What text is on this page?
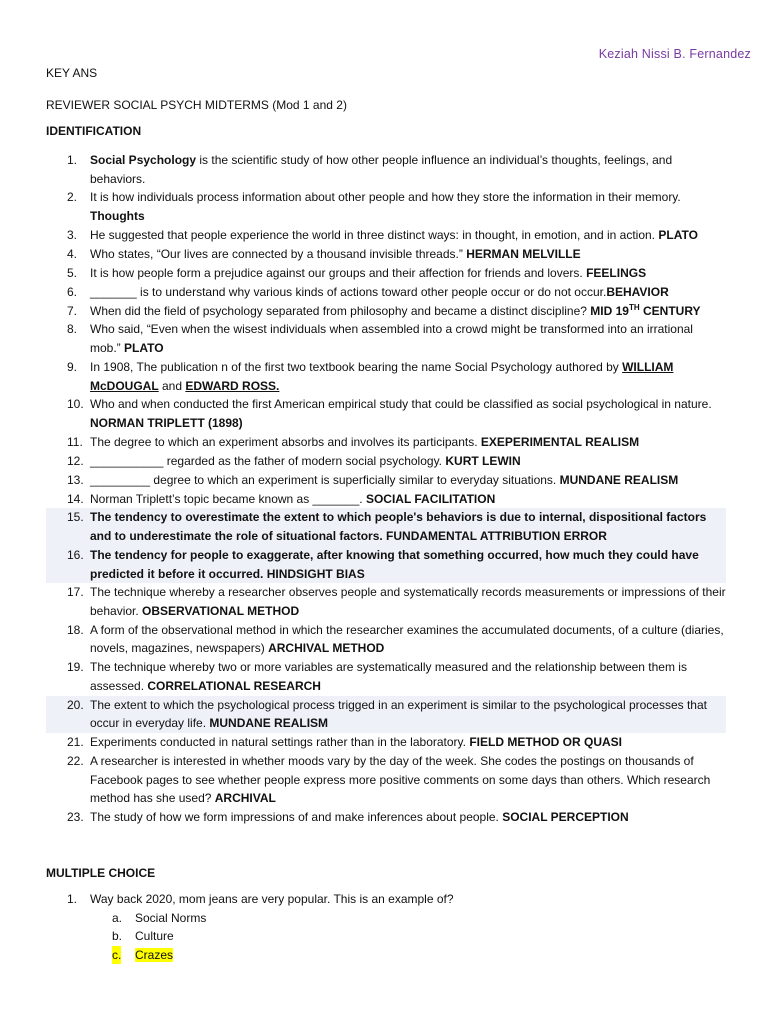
Keziah Nissi B. Fernandez
KEY ANS
REVIEWER SOCIAL PSYCH MIDTERMS (Mod 1 and 2)
IDENTIFICATION
1. Social Psychology is the scientific study of how other people influence an individual’s thoughts, feelings, and behaviors.
2. It is how individuals process information about other people and how they store the information in their memory. Thoughts
3. He suggested that people experience the world in three distinct ways: in thought, in emotion, and in action. PLATO
4. Who states, “Our lives are connected by a thousand invisible threads.” HERMAN MELVILLE
5. It is how people form a prejudice against our groups and their affection for friends and lovers. FEELINGS
6. _______ is to understand why various kinds of actions toward other people occur or do not occur.BEHAVIOR
7. When did the field of psychology separated from philosophy and became a distinct discipline? MID 19TH CENTURY
8. Who said, “Even when the wisest individuals when assembled into a crowd might be transformed into an irrational mob.” PLATO
9. In 1908, The publication n of the first two textbook bearing the name Social Psychology authored by WILLIAM McDOUGAL and EDWARD ROSS.
10. Who and when conducted the first American empirical study that could be classified as social psychological in nature. NORMAN TRIPLETT (1898)
11. The degree to which an experiment absorbs and involves its participants. EXEPERIMENTAL REALISM
12. ___________ regarded as the father of modern social psychology. KURT LEWIN
13. _________ degree to which an experiment is superficially similar to everyday situations. MUNDANE REALISM
14. Norman Triplett’s topic became known as _______. SOCIAL FACILITATION
15. The tendency to overestimate the extent to which people's behaviors is due to internal, dispositional factors and to underestimate the role of situational factors. FUNDAMENTAL ATTRIBUTION ERROR
16. The tendency for people to exaggerate, after knowing that something occurred, how much they could have predicted it before it occurred. HINDSIGHT BIAS
17. The technique whereby a researcher observes people and systematically records measurements or impressions of their behavior. OBSERVATIONAL METHOD
18. A form of the observational method in which the researcher examines the accumulated documents, of a culture (diaries, novels, magazines, newspapers) ARCHIVAL METHOD
19. The technique whereby two or more variables are systematically measured and the relationship between them is assessed. CORRELATIONAL RESEARCH
20. The extent to which the psychological process trigged in an experiment is similar to the psychological processes that occur in everyday life. MUNDANE REALISM
21. Experiments conducted in natural settings rather than in the laboratory. FIELD METHOD OR QUASI
22. A researcher is interested in whether moods vary by the day of the week. She codes the postings on thousands of Facebook pages to see whether people express more positive comments on some days than others. Which research method has she used? ARCHIVAL
23. The study of how we form impressions of and make inferences about people. SOCIAL PERCEPTION
MULTIPLE CHOICE
1. Way back 2020, mom jeans are very popular. This is an example of?
a. Social Norms
b. Culture
c. Crazes
